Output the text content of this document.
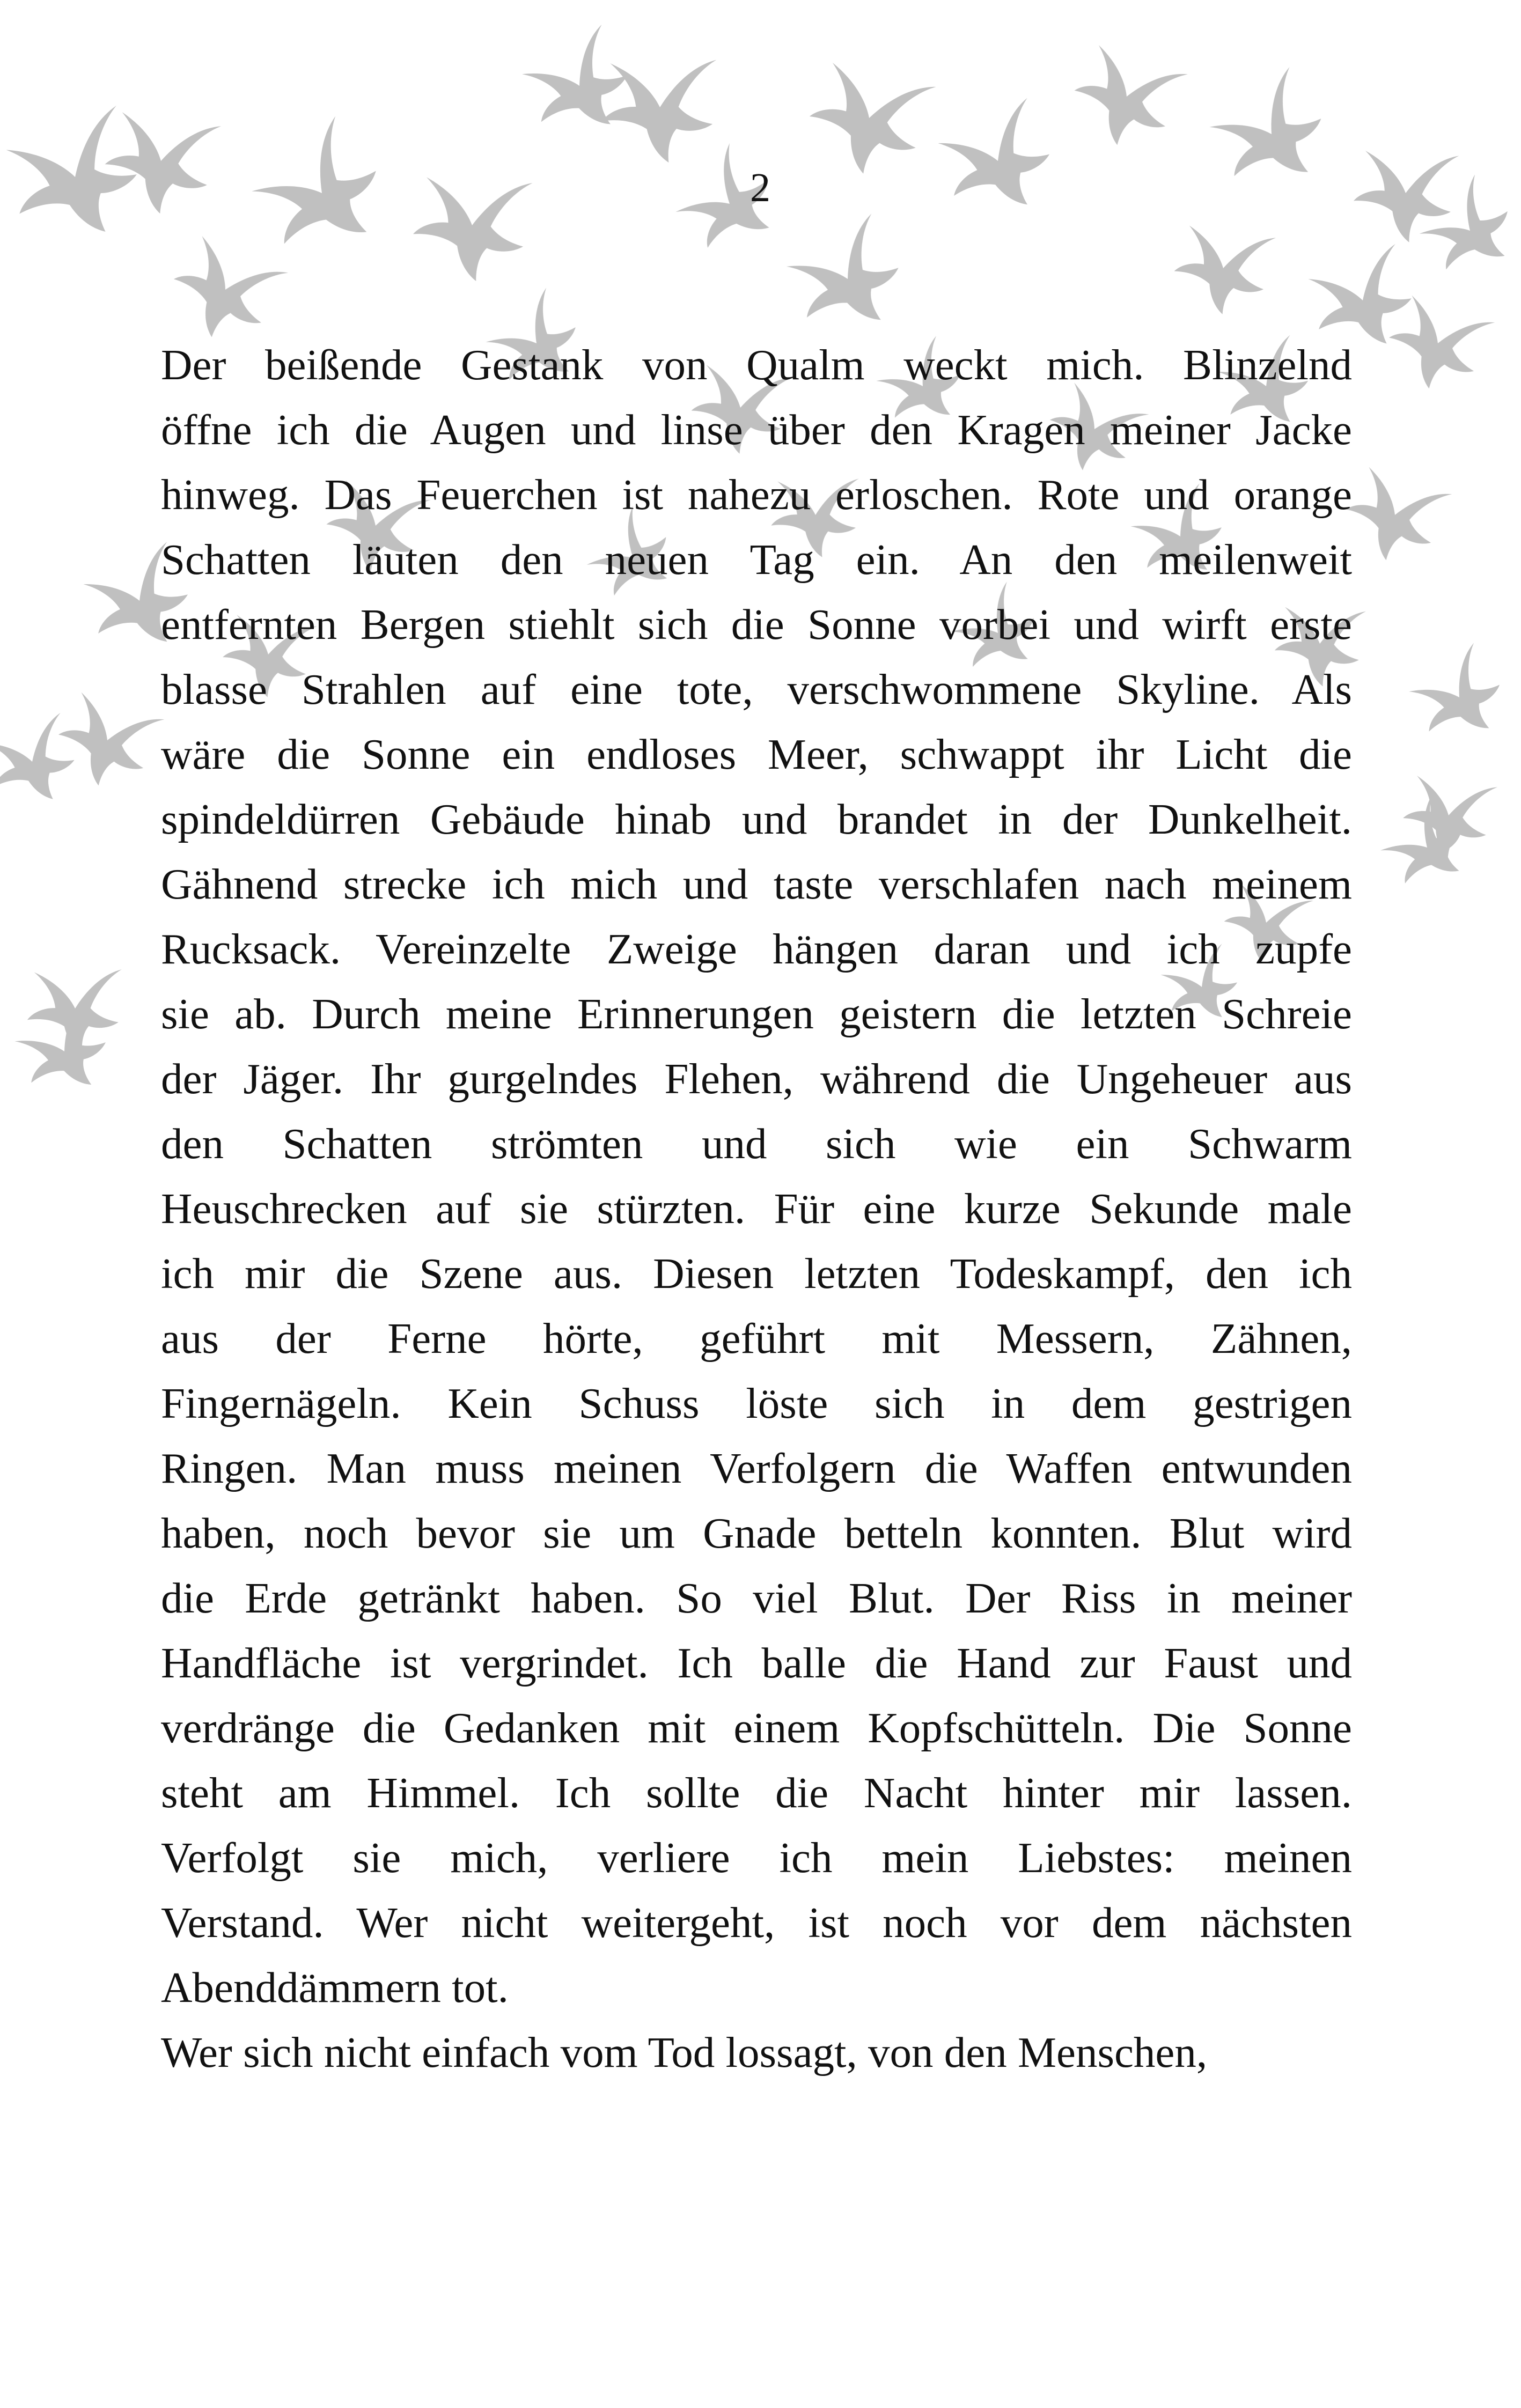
2

Der beißende Gestank von Qualm weckt mich. Blinzelnd
öffne ich die Augen und linse über den Kragen meiner Jacke
hinweg. Das Feuerchen ist nahezu erloschen. Rote und orange
Schatten läuten den neuen Tag ein. An den meilenweit
entfernten Bergen stiehlt sich die Sonne vorbei und wirft erste
blasse Strahlen auf eine tote, verschwommene Skyline. Als
wäre die Sonne ein endloses Meer, schwappt ihr Licht die
spindeldürren Gebäude hinab und brandet in der Dunkelheit.
Gähnend strecke ich mich und taste verschlafen nach meinem
Rucksack. Vereinzelte Zweige hängen daran und ich zupfe
sie ab. Durch meine Erinnerungen geistern die letzten Schreie
der Jäger. Ihr gurgelndes Flehen, während die Ungeheuer aus
den Schatten strömten und sich wie ein Schwarm
Heuschrecken auf sie stürzten. Für eine kurze Sekunde male
ich mir die Szene aus. Diesen letzten Todeskampf, den ich
aus der Ferne hörte, geführt mit Messern, Zähnen,
Fingernägeln. Kein Schuss löste sich in dem gestrigen
Ringen. Man muss meinen Verfolgern die Waffen entwunden
haben, noch bevor sie um Gnade betteln konnten. Blut wird
die Erde getränkt haben. So viel Blut. Der Riss in meiner
Handfläche ist vergrindet. Ich balle die Hand zur Faust und
verdränge die Gedanken mit einem Kopfschütteln. Die Sonne
steht am Himmel. Ich sollte die Nacht hinter mir lassen.
Verfolgt sie mich, verliere ich mein Liebstes: meinen
Verstand. Wer nicht weitergeht, ist noch vor dem nächsten
Abenddämmern tot.

Wer sich nicht einfach vom Tod lossagt, von den Menschen,
